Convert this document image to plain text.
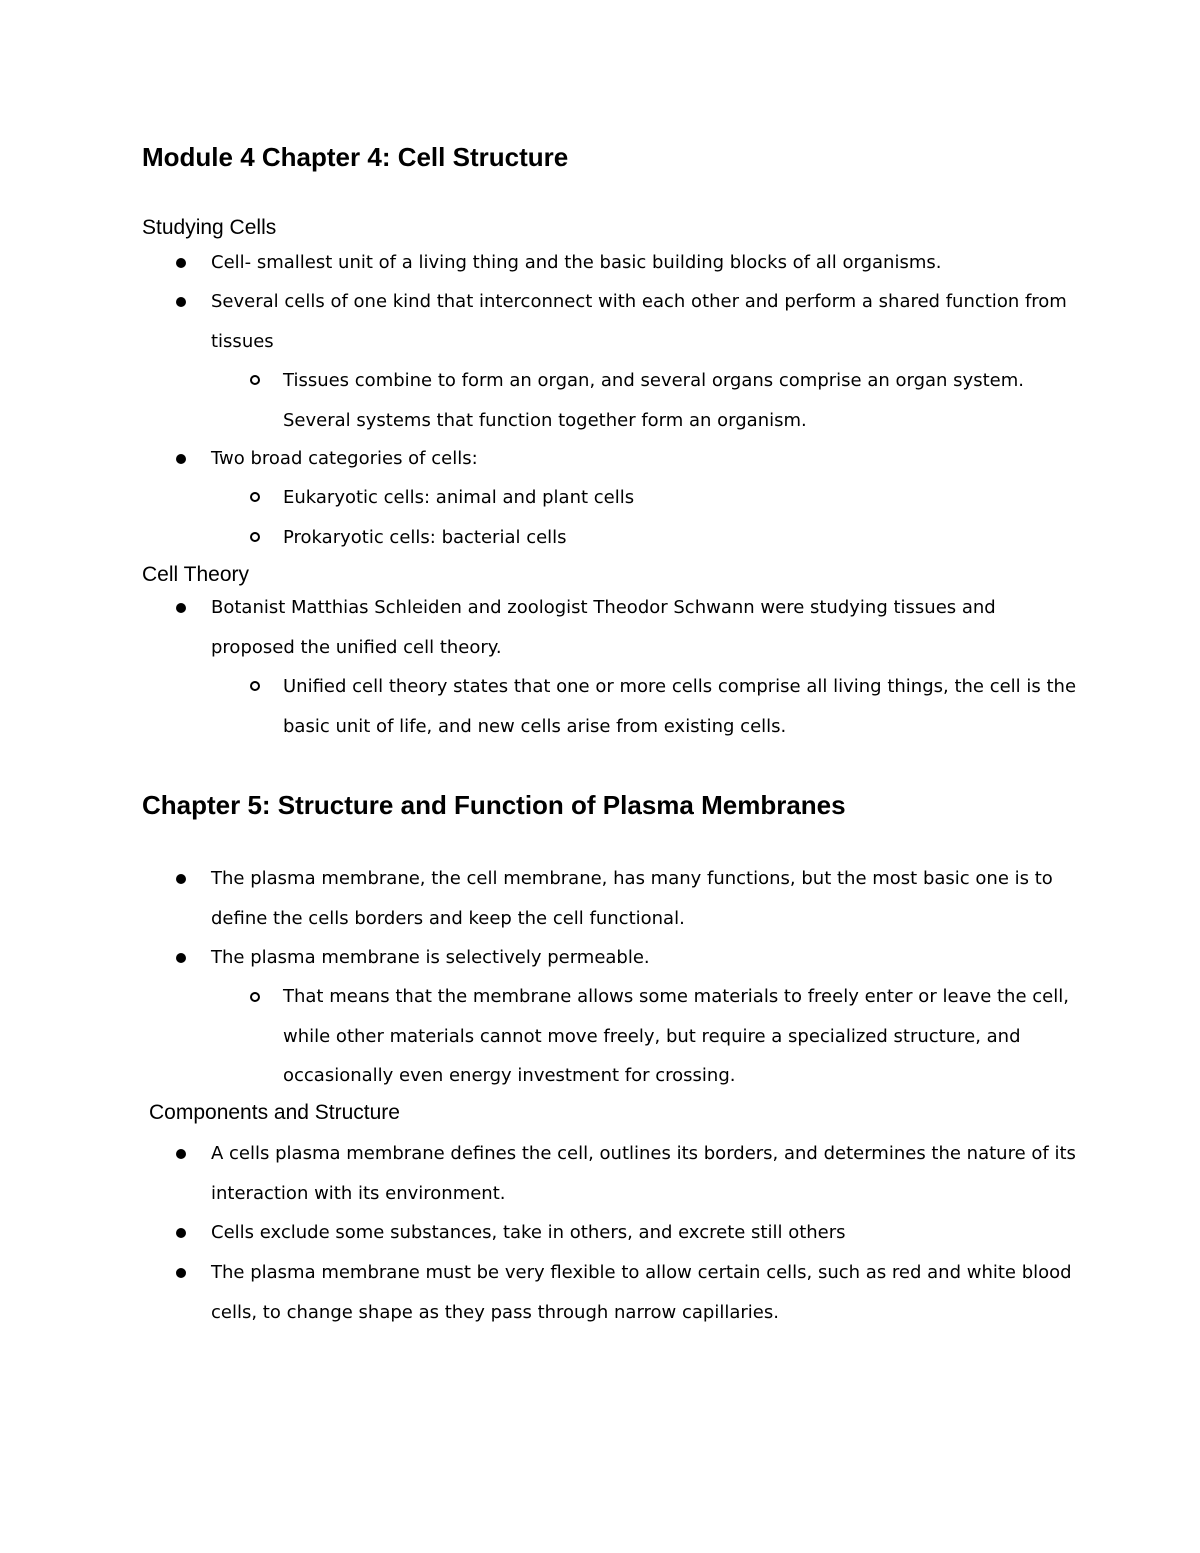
Module 4 Chapter 4: Cell Structure
Studying Cells
Cell- smallest unit of a living thing and the basic building blocks of all organisms.
Several cells of one kind that interconnect with each other and perform a shared function from tissues
Tissues combine to form an organ, and several organs comprise an organ system. Several systems that function together form an organism.
Two broad categories of cells:
Eukaryotic cells: animal and plant cells
Prokaryotic cells: bacterial cells
Cell Theory
Botanist Matthias Schleiden and zoologist Theodor Schwann were studying tissues and proposed the unified cell theory.
Unified cell theory states that one or more cells comprise all living things, the cell is the basic unit of life, and new cells arise from existing cells.
Chapter 5: Structure and Function of Plasma Membranes
The plasma membrane, the cell membrane, has many functions, but the most basic one is to define the cells borders and keep the cell functional.
The plasma membrane is selectively permeable.
That means that the membrane allows some materials to freely enter or leave the cell, while other materials cannot move freely, but require a specialized structure, and occasionally even energy investment for crossing.
Components and Structure
A cells plasma membrane defines the cell, outlines its borders, and determines the nature of its interaction with its environment.
Cells exclude some substances, take in others, and excrete still others
The plasma membrane must be very flexible to allow certain cells, such as red and white blood cells, to change shape as they pass through narrow capillaries.
